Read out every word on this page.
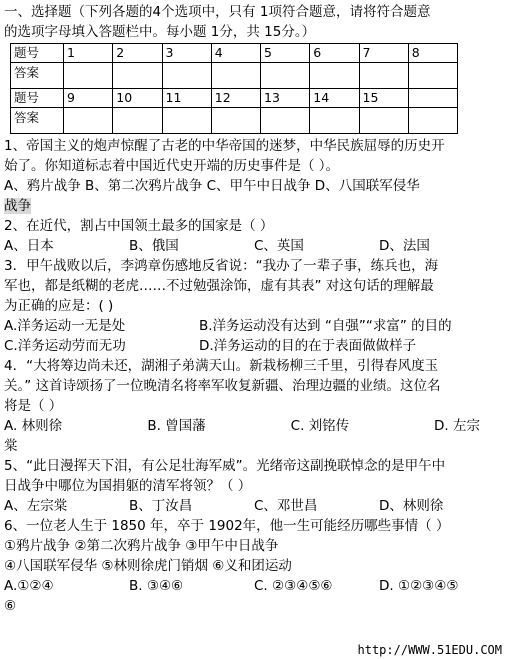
一、选择题（下列各题的4个选项中，只有 1项符合题意，请将符合题意
的选项字母填入答题栏中。每小题 1分，共 15分。）
题号	1	2	3	4	5	6	7	8
答案								
题号	9	10	11	12	13	14	15	
答案								
1、帝国主义的炮声惊醒了古老的中华帝国的迷梦，中华民族屈辱的历史开
始了。你知道标志着中国近代史开端的历史事件是（ ）。
A、鸦片战争 B、第二次鸦片战争 C、甲午中日战争 D、八国联军侵华
战争
2、在近代，割占中国领土最多的国家是（ ）
A、日本	B、俄国	C、英国	D、法国
3．甲午战败以后，李鸿章伤感地反省说：“我办了一辈子事，练兵也，海
军也，都是纸糊的老虎……不过勉强涂饰，虚有其表” 对这句话的理解最
为正确的应是：( )
A.洋务运动一无是处	B.洋务运动没有达到 “自强”“求富” 的目的
C.洋务运动劳而无功	D.洋务运动的目的在于表面做做样子
4．“大将筹边尚未还，湖湘子弟满天山。新栽杨柳三千里，引得春风度玉
关。” 这首诗颂扬了一位晚清名将率军收复新疆、治理边疆的业绩。这位名
将是（ ）
A. 林则徐	B. 曾国藩	C. 刘铭传	D. 左宗
棠
5、“此日漫挥天下泪，有公足壮海军威”。光绪帝这副挽联悼念的是甲午中
日战争中哪位为国捐躯的清军将领？（ ）
A、左宗棠	B、丁汝昌	C、邓世昌	D、林则徐
6、一位老人生于 1850 年，卒于 1902年，他一生可能经历哪些事情（ ）
①鸦片战争 ②第二次鸦片战争 ③甲午中日战争
④八国联军侵华 ⑤林则徐虎门销烟 ⑥义和团运动
A.①②④	B. ③④⑥	C. ②③④⑤⑥	D. ①②③④⑤
⑥
http://WWW.51EDU.COM
